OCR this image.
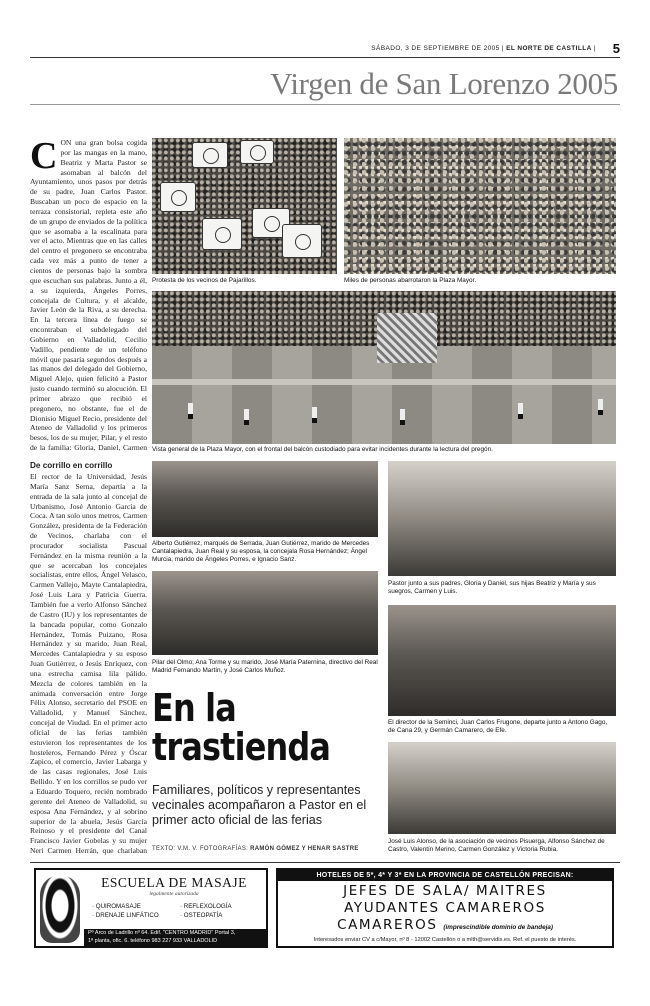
SÁBADO, 3 DE SEPTIEMBRE DE 2005 | EL NORTE DE CASTILLA | 5
Virgen de San Lorenzo 2005
CON una gran bolsa cogida por las mangas en la mano, Beatriz y Marta Pastor se asomaban al balcón del Ayuntamiento, unos pasos por detrás de su padre, Juan Carlos Pastor. Buscaban un poco de espacio en la terraza consistorial, repleta este año de un grupo de enviados de la política que se asomaba a la escalinata para ver el acto. Mientras que en las calles del centro el pregonero se encontraba cada vez más a punto de tener a cientos de personas bajo la sombra que escuchan sus palabras. Junto a él, a su izquierda, Ángeles Porres, concejala de Cultura, y el alcalde, Javier León de la Riva, a su derecha. En la tercera línea de fuego se encontraban el subdelegado del Gobierno en Valladolid, Cecilio Vadillo, pendiente de un teléfono móvil que pasaría segundos después a las manos del delegado del Gobierno, Miguel Alejo, quien felicitó a Pastor justo cuando terminó su alocución. El primer abrazo que recibió el pregonero, no obstante, fue el de Dionisio Miguel Recio, presidente del Ateneo de Valladolid y los primeros besos, los de su mujer, Pilar, y el resto de la familia: Gloria, Daniel, Carmen
De corrillo en corrillo
El rector de la Universidad, Jesús María Sanz Serna, departía a la entrada de la sala junto al concejal de Urbanismo, José Antonio García de Coca. A tan solo unos metros, Carmen González, presidenta de la Federación de Vecinos, charlaba con el procurador socialista Pascual Fernández en la misma reunión a la que se acercaban los concejales socialistas, entre ellos, Ángel Velasco, Carmen Vallejo, Mayte Cantalapiedra, José Luis Lara y Patricia Guerra. También fue a verlo Alfonso Sánchez de Castro (IU) y los representantes de la bancada popular, como Gonzalo Hernández, Tomás Puizano, Rosa Hernández y su marido, Juan Real, Mercedes Cantalapiedra y su esposo Juan Gutiérrez, o Jesús Enríquez, con una estrecha camisa lila pálido. Mezcla de colores también en la animada conversación entre Jorge Félix Alonso, secretario del PSOE en Valladolid, y Manuel Sánchez, concejal de Viudad. En el primer acto oficial de las ferias también estuvieron los representantes de los hosteleros, Fernando Pérez y Óscar Zapico, el comercio, Javier Labarga y de las casas regionales, José Luis Bellido. Y en los corrillos se pudo ver a Eduardo Toquero, recién nombrado gerente del Ateneo de Valladolid, su esposa Ana Fernández, y al sobrino superior de la abuela, Jesús García Reinoso y el presidente del Canal Francisco Javier Gobelas y su mujer Neri Carmen Herrán, que charlaban
Protesta de los vecinos de Pajarillos.	Miles de personas abarrotaron la Plaza Mayor.
Vista general de la Plaza Mayor, con el frontal del balcón custodiado para evitar incidentes durante la lectura del pregón.
Alberto Gutiérrez, marqués de Serrada, Juan Gutiérrez, marido de Mercedes Cantalapiedra, Juan Real y su esposa, la concejala Rosa Hernández; Ángel Murcia, marido de Ángeles Porres, e Ignacio Sanz.
Pastor junto a sus padres, Gloria y Daniel, sus hijas Beatriz y María y sus suegros, Carmen y Luis.
Pilar del Olmo; Ana Torme y su marido, José María Paternina, directivo del Real Madrid Fernando Martín, y José Carlos Muñoz.
El director de la Seminci, Juan Carlos Frugone, departe junto a Antono Gago, de Cana 29, y Germán Camarero, de Efe.
José Luis Alonso, de la asociación de vecinos Pisuerga, Alfonso Sánchez de Castro, Valentín Merino, Carmen González y Victoria Rubia.
En la
trastienda
Familiares, políticos y representantes vecinales acompañaron a Pastor en el primer acto oficial de las ferias
TEXTO: V.M. V. FOTOGRAFÍAS: RAMÓN GÓMEZ Y HENAR SASTRE
ESCUELA DE MASAJE
legalmente autorizada
· QUIROMASAJE
· DRENAJE LINFÁTICO
· REFLEXOLOGÍA
· OSTEOPATÍA
Pº Arco de Ladrillo nº 64. Edif. "CENTRO MADRID" Portal 3,
1ª planta, ofic. 6. teléfono 983 227 933 VALLADOLID
HOTELES DE 5*, 4* Y 3* EN LA PROVINCIA DE CASTELLÓN PRECISAN:
JEFES DE SALA/ MAITRES
AYUDANTES CAMAREROS
CAMAREROS (imprescindible dominio de bandeja)
Interesados enviar CV a c/Mayor, nº 8 - 12002 Castellón o a mlth@servidis.es. Ref. el puesto de interés.
